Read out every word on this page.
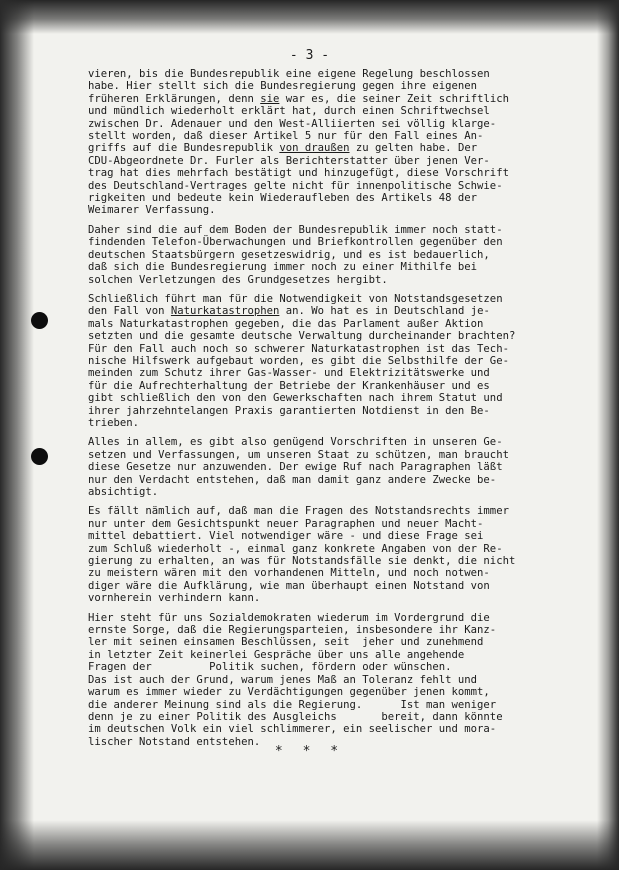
- 3 -
vieren, bis die Bundesrepublik eine eigene Regelung beschlossen
habe. Hier stellt sich die Bundesregierung gegen ihre eigenen
früheren Erklärungen, denn sie war es, die seiner Zeit schriftlich
und mündlich wiederholt erklärt hat, durch einen Schriftwechsel
zwischen Dr. Adenauer und den West-Alliierten sei völlig klarge-
stellt worden, daß dieser Artikel 5 nur für den Fall eines An-
griffs auf die Bundesrepublik von draußen zu gelten habe. Der
CDU-Abgeordnete Dr. Furler als Berichterstatter über jenen Ver-
trag hat dies mehrfach bestätigt und hinzugefügt, diese Vorschrift
des Deutschland-Vertrages gelte nicht für innenpolitische Schwie-
rigkeiten und bedeute kein Wiederaufleben des Artikels 48 der
Weimarer Verfassung.
Daher sind die auf dem Boden der Bundesrepublik immer noch statt-
findenden Telefon-Überwachungen und Briefkontrollen gegenüber den
deutschen Staatsbürgern gesetzeswidrig, und es ist bedauerlich,
daß sich die Bundesregierung immer noch zu einer Mithilfe bei
solchen Verletzungen des Grundgesetzes hergibt.
Schließlich führt man für die Notwendigkeit von Notstandsgesetzen
den Fall von Naturkatastrophen an. Wo hat es in Deutschland je-
mals Naturkatastrophen gegeben, die das Parlament außer Aktion
setzten und die gesamte deutsche Verwaltung durcheinander brachten?
Für den Fall auch noch so schwerer Naturkatastrophen ist das Tech-
nische Hilfswerk aufgebaut worden, es gibt die Selbsthilfe der Ge-
meinden zum Schutz ihrer Gas-Wasser- und Elektrizitätswerke und
für die Aufrechterhaltung der Betriebe der Krankenhäuser und es
gibt schließlich den von den Gewerkschaften nach ihrem Statut und
ihrer jahrzehntelangen Praxis garantierten Notdienst in den Be-
trieben.
Alles in allem, es gibt also genügend Vorschriften in unseren Ge-
setzen und Verfassungen, um unseren Staat zu schützen, man braucht
diese Gesetze nur anzuwenden. Der ewige Ruf nach Paragraphen läßt
nur den Verdacht entstehen, daß man damit ganz andere Zwecke be-
absichtigt.
Es fällt nämlich auf, daß man die Fragen des Notstandsrechts immer
nur unter dem Gesichtspunkt neuer Paragraphen und neuer Macht-
mittel debattiert. Viel notwendiger wäre - und diese Frage sei
zum Schluß wiederholt -, einmal ganz konkrete Angaben von der Re-
gierung zu erhalten, an was für Notstandsfälle sie denkt, die nicht
zu meistern wären mit den vorhandenen Mitteln, und noch notwen-
diger wäre die Aufklärung, wie man überhaupt einen Notstand von
vornherein verhindern kann.
Hier steht für uns Sozialdemokraten wiederum im Vordergrund die
ernste Sorge, daß die Regierungsparteien, insbesondere ihr Kanz-
ler mit seinen einsamen Beschlüssen, seit  jeher und zunehmend
in letzter Zeit keinerlei Gespräche über uns alle angehende
Fragen der         Politik suchen, fördern oder wünschen.
Das ist auch der Grund, warum jenes Maß an Toleranz fehlt und
warum es immer wieder zu Verdächtigungen gegenüber jenen kommt,
die anderer Meinung sind als die Regierung.      Ist man weniger
denn je zu einer Politik des Ausgleichs       bereit, dann könnte
im deutschen Volk ein viel schlimmerer, ein seelischer und mora-
lischer Notstand entstehen.
* * *
